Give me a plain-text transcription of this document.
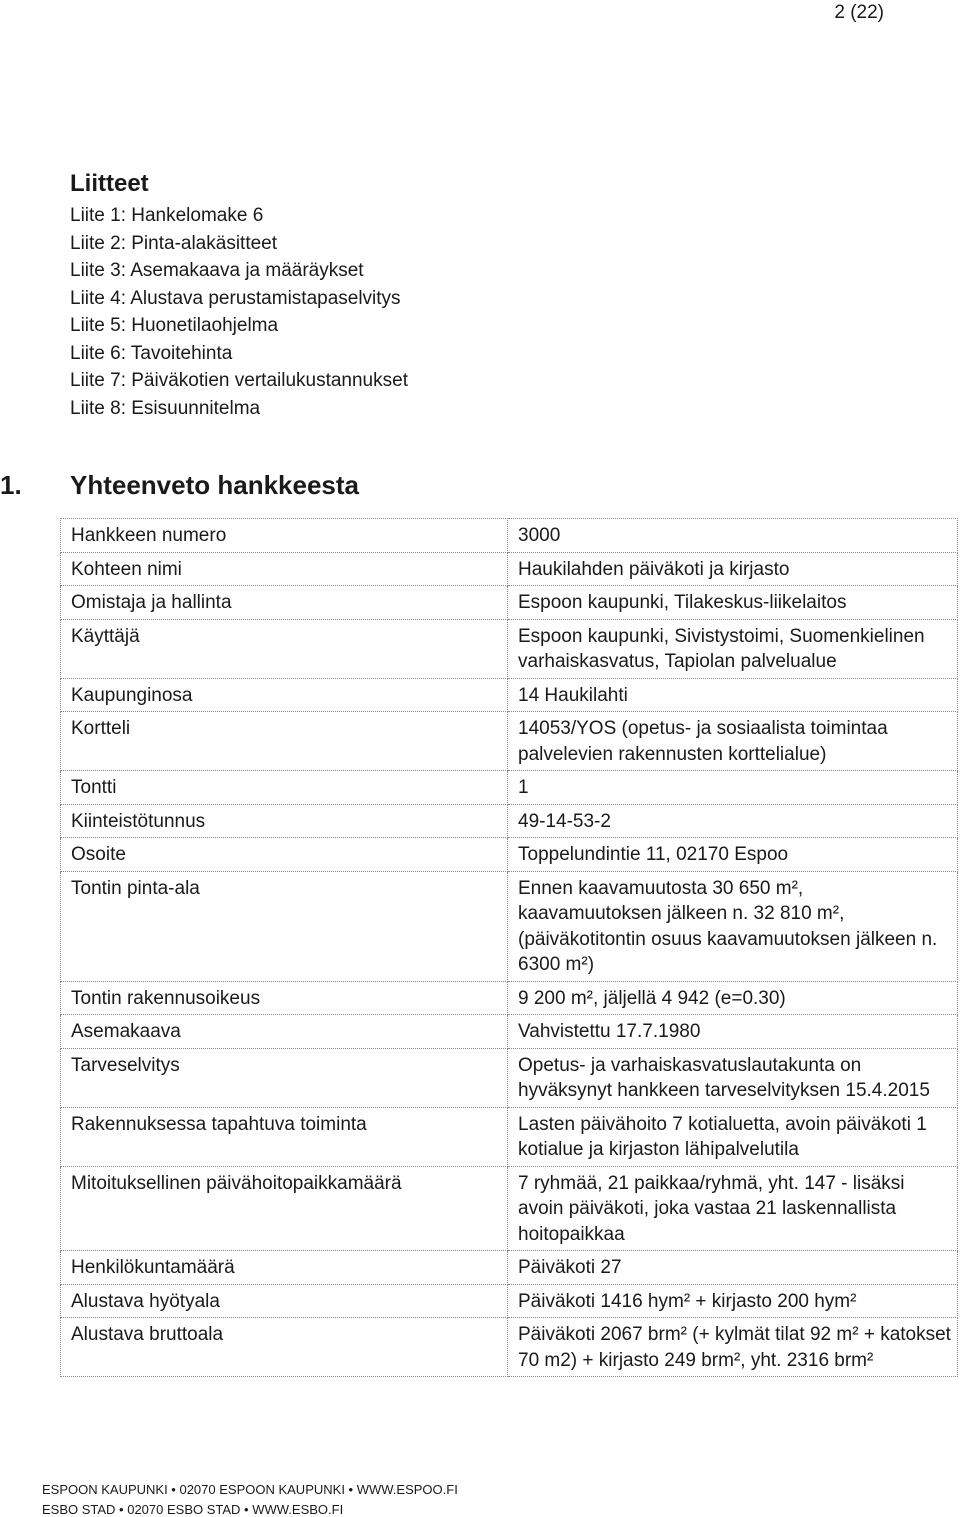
2 (22)
Liitteet
Liite 1: Hankelomake 6
Liite 2: Pinta-alakäsitteet
Liite 3: Asemakaava ja määräykset
Liite 4: Alustava perustamistapaselvitys
Liite 5: Huonetilaohjelma
Liite 6: Tavoitehinta
Liite 7: Päiväkotien vertailukustannukset
Liite 8: Esisuunnitelma
1. Yhteenveto hankkeesta
Hankkeen numero	3000
Kohteen nimi	Haukilahden päiväkoti ja kirjasto
Omistaja ja hallinta	Espoon kaupunki, Tilakeskus-liikelaitos
Käyttäjä	Espoon kaupunki, Sivistystoimi, Suomenkielinen varhaiskasvatus, Tapiolan palvelualue
Kaupunginosa	14 Haukilahti
Kortteli	14053/YOS (opetus- ja sosiaalista toimintaa palvelevien rakennusten korttelialue)
Tontti	1
Kiinteistötunnus	49-14-53-2
Osoite	Toppelundintie 11, 02170 Espoo
Tontin pinta-ala	Ennen kaavamuutosta 30 650 m², kaavamuutoksen jälkeen n. 32 810 m², (päiväkotitontin osuus kaavamuutoksen jälkeen n. 6300 m²)
Tontin rakennusoikeus	9 200 m², jäljellä 4 942 (e=0.30)
Asemakaava	Vahvistettu 17.7.1980
Tarveselvitys	Opetus- ja varhaiskasvatuslautakunta on hyväksynyt hankkeen tarveselvityksen 15.4.2015
Rakennuksessa tapahtuva toiminta	Lasten päivähoito 7 kotialuetta, avoin päiväkoti 1 kotialue ja kirjaston lähipalvelutila
Mitoituksellinen päivähoitopaikkamäärä	7 ryhmää, 21 paikkaa/ryhmä, yht. 147 - lisäksi avoin päiväkoti, joka vastaa 21 laskennallista hoitopaikkaa
Henkilökuntamäärä	Päiväkoti 27
Alustava hyötyala	Päiväkoti 1416 hym² + kirjasto 200 hym²
Alustava bruttoala	Päiväkoti 2067 brm² (+ kylmät tilat 92 m² + katokset 70 m2) + kirjasto 249 brm², yht. 2316 brm²
ESPOON KAUPUNKI • 02070 ESPOON KAUPUNKI • WWW.ESPOO.FI
ESBO STAD • 02070 ESBO STAD • WWW.ESBO.FI
